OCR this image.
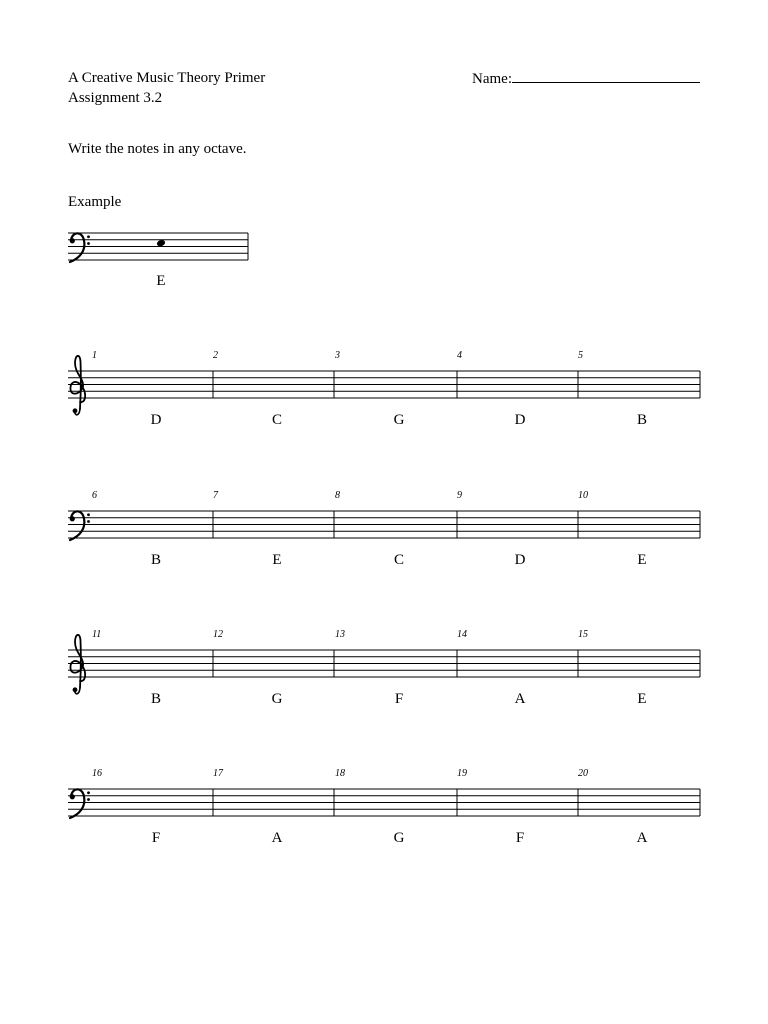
A Creative Music Theory Primer
Assignment 3.2
Name:
Write the notes in any octave.
Example
1
D
2
C
3
G
4
D
5
B
6
B
7
E
8
C
9
D
10
E
11
B
12
G
13
F
14
A
15
E
16
F
17
A
18
G
19
F
20
A
E
